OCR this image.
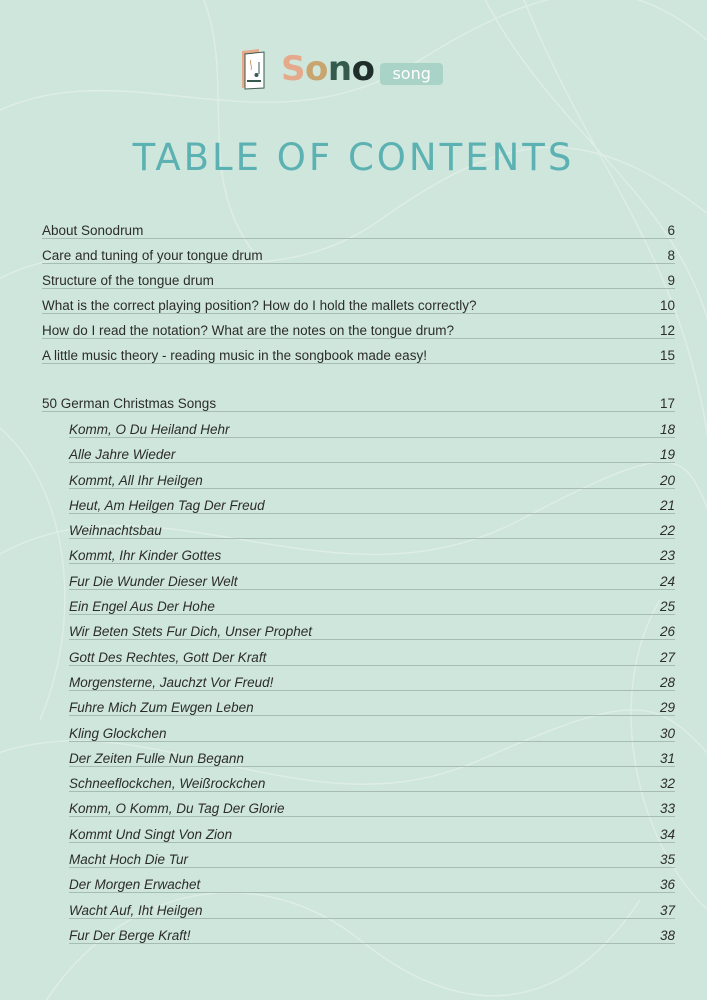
Sono	song
TABLE OF CONTENTS
About Sonodrum	6
Care and tuning of your tongue drum	8
Structure of the tongue drum	9
What is the correct playing position? How do I hold the mallets correctly?	10
How do I read the notation? What are the notes on the tongue drum?	12
A little music theory - reading music in the songbook made easy!	15
50 German Christmas Songs	17
Komm, O Du Heiland Hehr	18
Alle Jahre Wieder	19
Kommt, All Ihr Heilgen	20
Heut, Am Heilgen Tag Der Freud	21
Weihnachtsbau	22
Kommt, Ihr Kinder Gottes	23
Fur Die Wunder Dieser Welt	24
Ein Engel Aus Der Hohe	25
Wir Beten Stets Fur Dich, Unser Prophet	26
Gott Des Rechtes, Gott Der Kraft	27
Morgensterne, Jauchzt Vor Freud!	28
Fuhre Mich Zum Ewgen Leben	29
Kling Glockchen	30
Der Zeiten Fulle Nun Begann	31
Schneeflockchen, Weißrockchen	32
Komm, O Komm, Du Tag Der Glorie	33
Kommt Und Singt Von Zion	34
Macht Hoch Die Tur	35
Der Morgen Erwachet	36
Wacht Auf, Iht Heilgen	37
Fur Der Berge Kraft!	38
